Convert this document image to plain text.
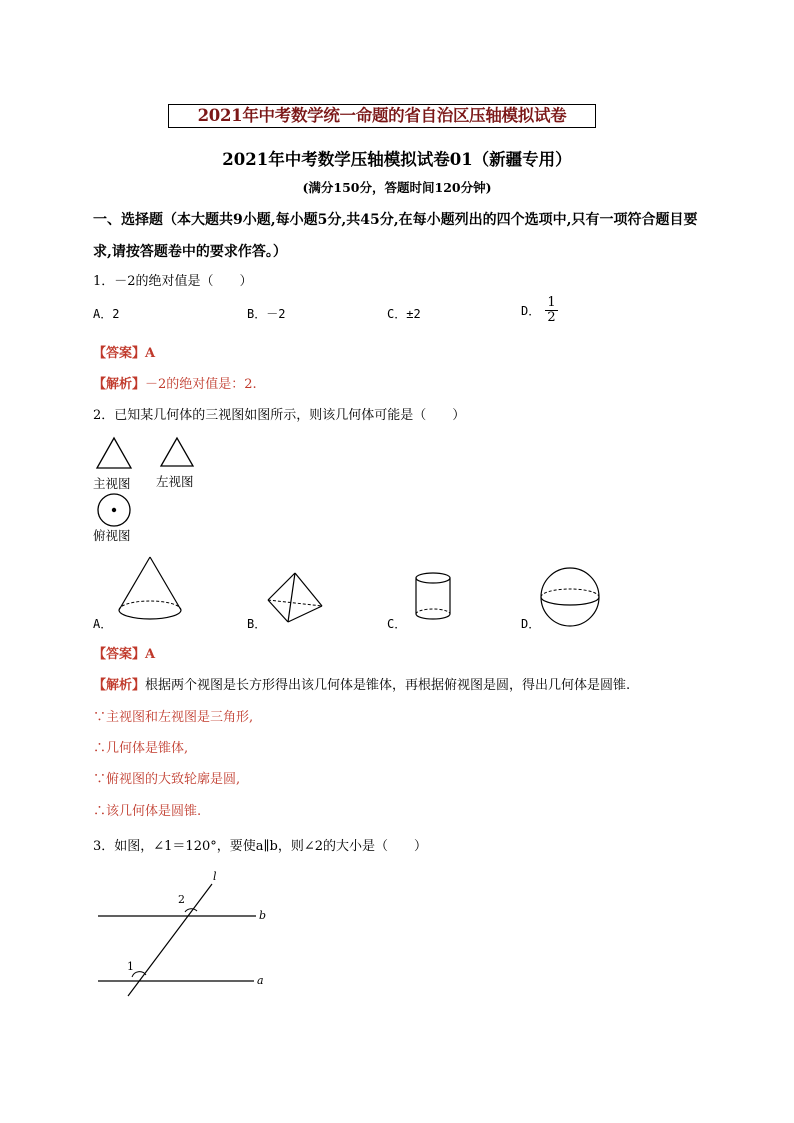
2021年中考数学统一命题的省自治区压轴模拟试卷
2021年中考数学压轴模拟试卷01（新疆专用）
(满分150分，答题时间120分钟)
一、选择题（本大题共9小题,每小题5分,共45分,在每小题列出的四个选项中,只有一项符合题目要求,请按答题卷中的要求作答。）
1．－2的绝对值是（　　）
A．2	B．－2	C．±2	D． $\frac{1}{2}$
【答案】A
【解析】－2的绝对值是：2.
2．已知某几何体的三视图如图所示，则该几何体可能是（　　）
主视图 左视图
俯视图
A．	B．	C．	D．
【答案】A
【解析】根据两个视图是长方形得出该几何体是锥体，再根据俯视图是圆，得出几何体是圆锥.
∵主视图和左视图是三角形,
∴几何体是锥体,
∵俯视图的大致轮廓是圆,
∴该几何体是圆锥.
3．如图，∠1＝120°，要使a∥b，则∠2的大小是（　　）
l
b
a
2
1
